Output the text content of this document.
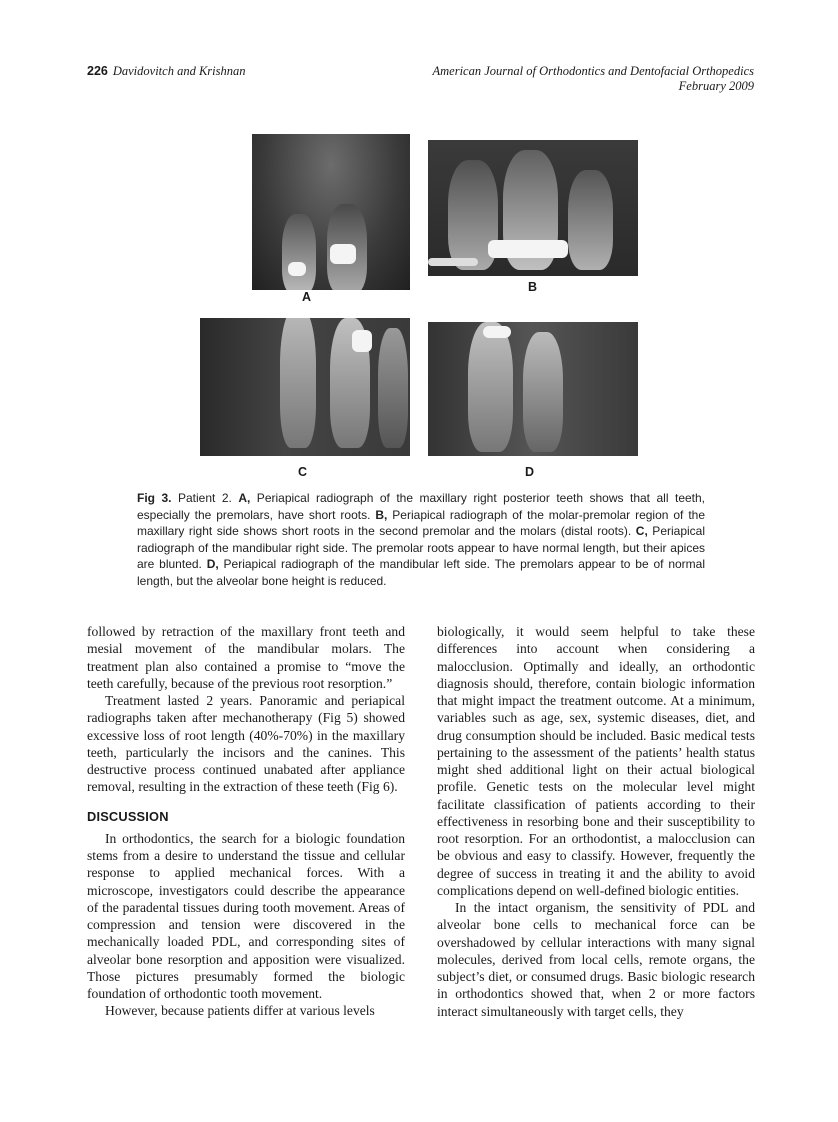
226 Davidovitch and Krishnan	American Journal of Orthodontics and Dentofacial Orthopedics
February 2009
A
B
C	D
Fig 3. Patient 2. A, Periapical radiograph of the maxillary right posterior teeth shows that all teeth, especially the premolars, have short roots. B, Periapical radiograph of the molar-premolar region of the maxillary right side shows short roots in the second premolar and the molars (distal roots). C, Periapical radiograph of the mandibular right side. The premolar roots appear to have normal length, but their apices are blunted. D, Periapical radiograph of the mandibular left side. The premolars appear to be of normal length, but the alveolar bone height is reduced.

followed by retraction of the maxillary front teeth and mesial movement of the mandibular molars. The treatment plan also contained a promise to “move the teeth carefully, because of the previous root resorption.”

Treatment lasted 2 years. Panoramic and periapical radiographs taken after mechanotherapy (Fig 5) showed excessive loss of root length (40%-70%) in the maxillary teeth, particularly the incisors and the canines. This destructive process continued unabated after appliance removal, resulting in the extraction of these teeth (Fig 6).

DISCUSSION

In orthodontics, the search for a biologic foundation stems from a desire to understand the tissue and cellular response to applied mechanical forces. With a microscope, investigators could describe the appearance of the paradental tissues during tooth movement. Areas of compression and tension were discovered in the mechanically loaded PDL, and corresponding sites of alveolar bone resorption and apposition were visualized. Those pictures presumably formed the biologic foundation of orthodontic tooth movement.

However, because patients differ at various levels

biologically, it would seem helpful to take these differences into account when considering a malocclusion. Optimally and ideally, an orthodontic diagnosis should, therefore, contain biologic information that might impact the treatment outcome. At a minimum, variables such as age, sex, systemic diseases, diet, and drug consumption should be included. Basic medical tests pertaining to the assessment of the patients’ health status might shed additional light on their actual biological profile. Genetic tests on the molecular level might facilitate classification of patients according to their effectiveness in resorbing bone and their susceptibility to root resorption. For an orthodontist, a malocclusion can be obvious and easy to classify. However, frequently the degree of success in treating it and the ability to avoid complications depend on well-defined biologic entities.

In the intact organism, the sensitivity of PDL and alveolar bone cells to mechanical force can be overshadowed by cellular interactions with many signal molecules, derived from local cells, remote organs, the subject’s diet, or consumed drugs. Basic biologic research in orthodontics showed that, when 2 or more factors interact simultaneously with target cells, they
